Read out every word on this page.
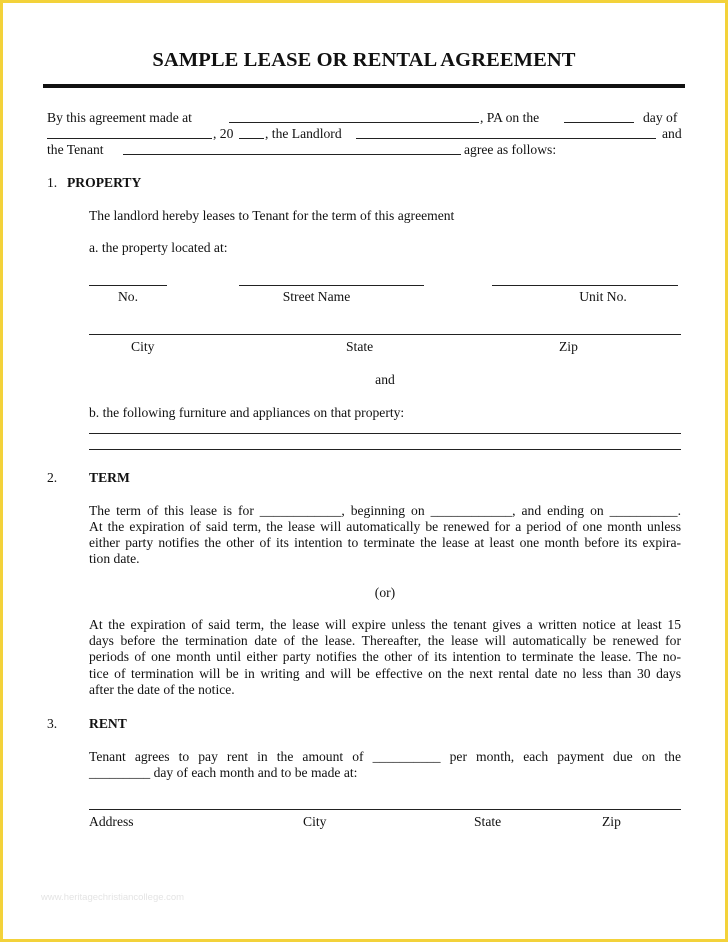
SAMPLE LEASE OR RENTAL AGREEMENT
By this agreement made at	, PA on the	day of
, 20 , the Landlord	and
the Tenant	agree as follows:
1. PROPERTY
The landlord hereby leases to Tenant for the term of this agreement
a. the property located at:
No.	Street Name	Unit No.
City	State	Zip
and
b. the following furniture and appliances on that property:
2. TERM
The term of this lease is for ____________, beginning on ____________, and ending on __________.
At the expiration of said term, the lease will automatically be renewed for a period of one month unless
either party notifies the other of its intention to terminate the lease at least one month before its expira-
tion date.
(or)
At the expiration of said term, the lease will expire unless the tenant gives a written notice at least 15
days before the termination date of the lease. Thereafter, the lease will automatically be renewed for
periods of one month until either party notifies the other of its intention to terminate the lease. The no-
tice of termination will be in writing and will be effective on the next rental date no less than 30 days
after the date of the notice.
3. RENT
Tenant agrees to pay rent in the amount of __________ per month, each payment due on the
_________ day of each month and to be made at:
Address	City	State	Zip
www.heritagechristiancollege.com
